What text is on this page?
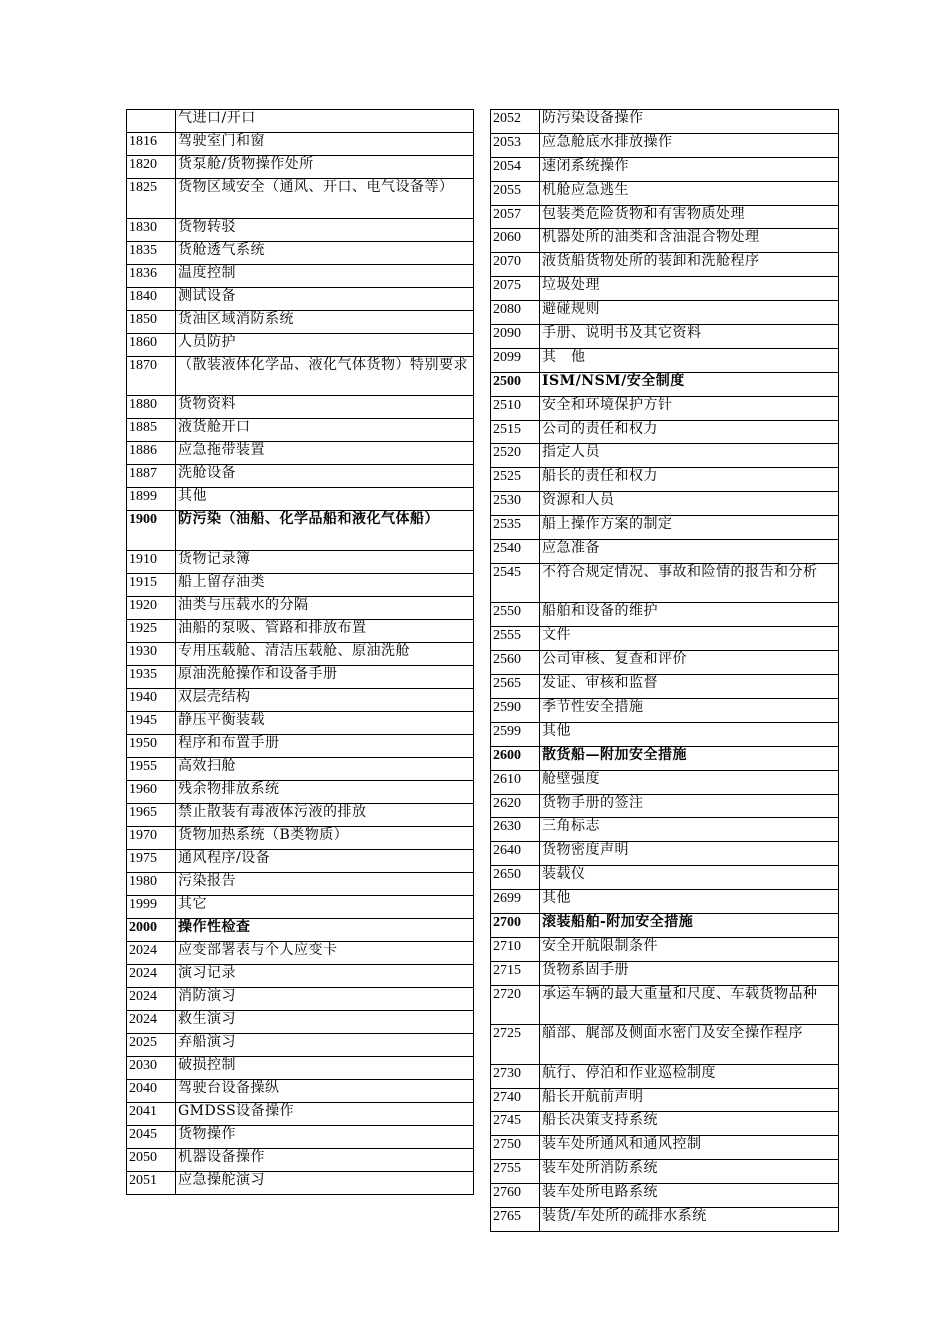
	气进口/开口
1816	驾驶室门和窗
1820	货泵舱/货物操作处所
1825	货物区域安全（通风、开口、电气设备等）
1830	货物转驳
1835	货舱透气系统
1836	温度控制
1840	测试设备
1850	货油区域消防系统
1860	人员防护
1870	（散装液体化学品、液化气体货物）特别要求
1880	货物资料
1885	液货舱开口
1886	应急拖带装置
1887	洗舱设备
1899	其他
1900	防污染（油船、化学品船和液化气体船）
1910	货物记录簿
1915	船上留存油类
1920	油类与压载水的分隔
1925	油船的泵吸、管路和排放布置
1930	专用压载舱、清洁压载舱、原油洗舱
1935	原油洗舱操作和设备手册
1940	双层壳结构
1945	静压平衡装载
1950	程序和布置手册
1955	高效扫舱
1960	残余物排放系统
1965	禁止散装有毒液体污液的排放
1970	货物加热系统（B类物质）
1975	通风程序/设备
1980	污染报告
1999	其它
2000	操作性检查
2024	应变部署表与个人应变卡
2024	演习记录
2024	消防演习
2024	救生演习
2025	弃船演习
2030	破损控制
2040	驾驶台设备操纵
2041	GMDSS设备操作
2045	货物操作
2050	机器设备操作
2051	应急操舵演习
2052	防污染设备操作
2053	应急舱底水排放操作
2054	速闭系统操作
2055	机舱应急逃生
2057	包装类危险货物和有害物质处理
2060	机器处所的油类和含油混合物处理
2070	液货船货物处所的装卸和洗舱程序
2075	垃圾处理
2080	避碰规则
2090	手册、说明书及其它资料
2099	其　他
2500	ISM/NSM/安全制度
2510	安全和环境保护方针
2515	公司的责任和权力
2520	指定人员
2525	船长的责任和权力
2530	资源和人员
2535	船上操作方案的制定
2540	应急准备
2545	不符合规定情况、事故和险情的报告和分析
2550	船舶和设备的维护
2555	文件
2560	公司审核、复查和评价
2565	发证、审核和监督
2590	季节性安全措施
2599	其他
2600	散货船—附加安全措施
2610	舱壁强度
2620	货物手册的签注
2630	三角标志
2640	货物密度声明
2650	装载仪
2699	其他
2700	滚装船舶-附加安全措施
2710	安全开航限制条件
2715	货物系固手册
2720	承运车辆的最大重量和尺度、车载货物品种
2725	艏部、艉部及侧面水密门及安全操作程序
2730	航行、停泊和作业巡检制度
2740	船长开航前声明
2745	船长决策支持系统
2750	装车处所通风和通风控制
2755	装车处所消防系统
2760	装车处所电路系统
2765	装货/车处所的疏排水系统
